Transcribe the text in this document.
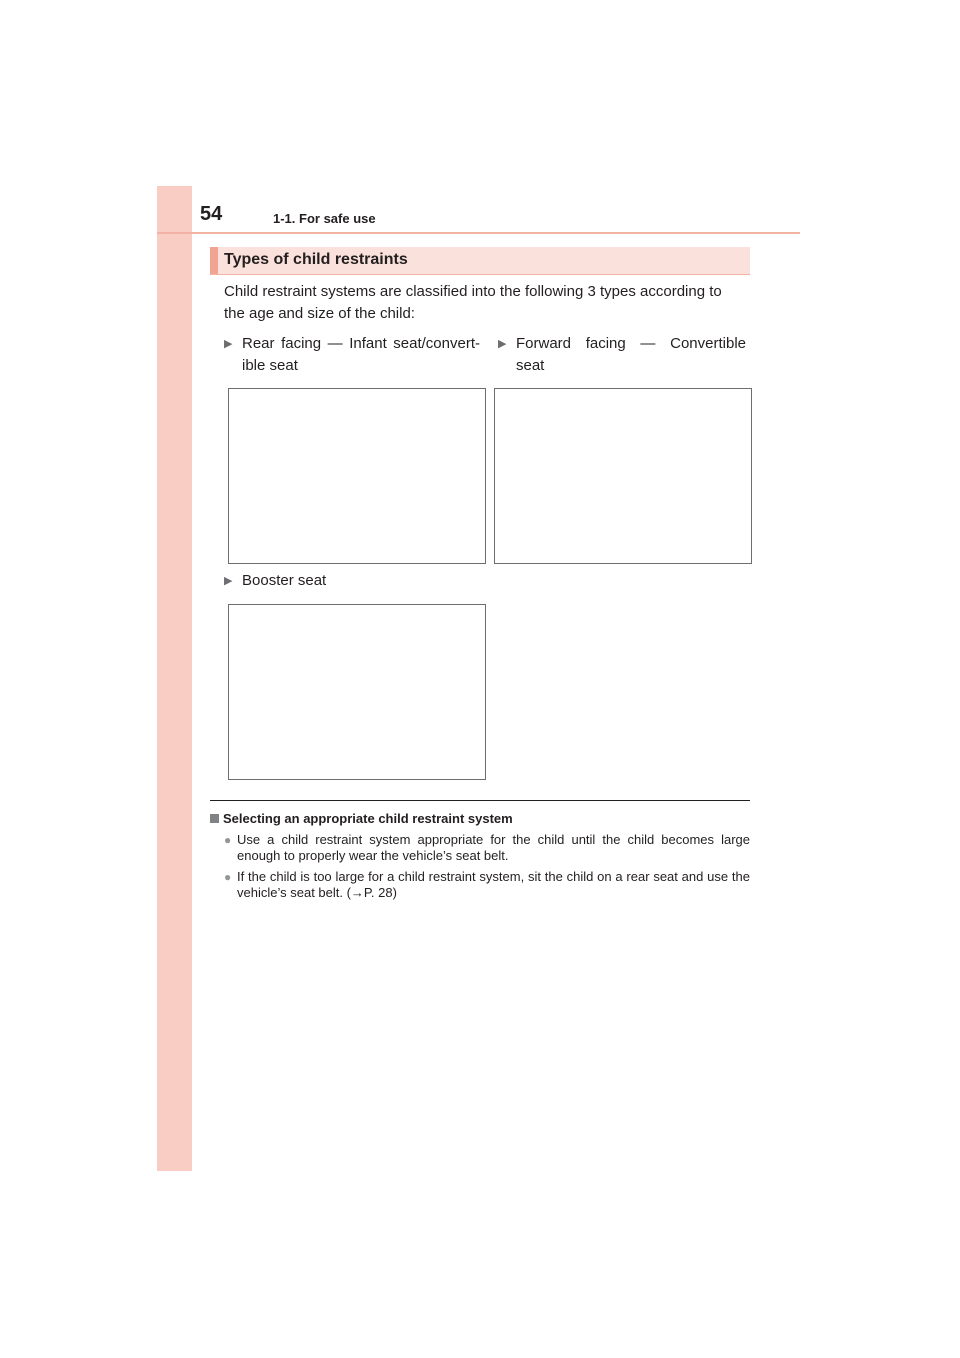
54	1-1. For safe use
Types of child restraints
Child restraint systems are classified into the following 3 types according to the age and size of the child:
▶ Rear facing — Infant seat/convert-
ible seat
▶ Forward facing — Convertible
seat
▶ Booster seat
Selecting an appropriate child restraint system
● Use a child restraint system appropriate for the child until the child becomes large enough to properly wear the vehicle’s seat belt.
● If the child is too large for a child restraint system, sit the child on a rear seat and use the vehicle’s seat belt. (→P. 28)
